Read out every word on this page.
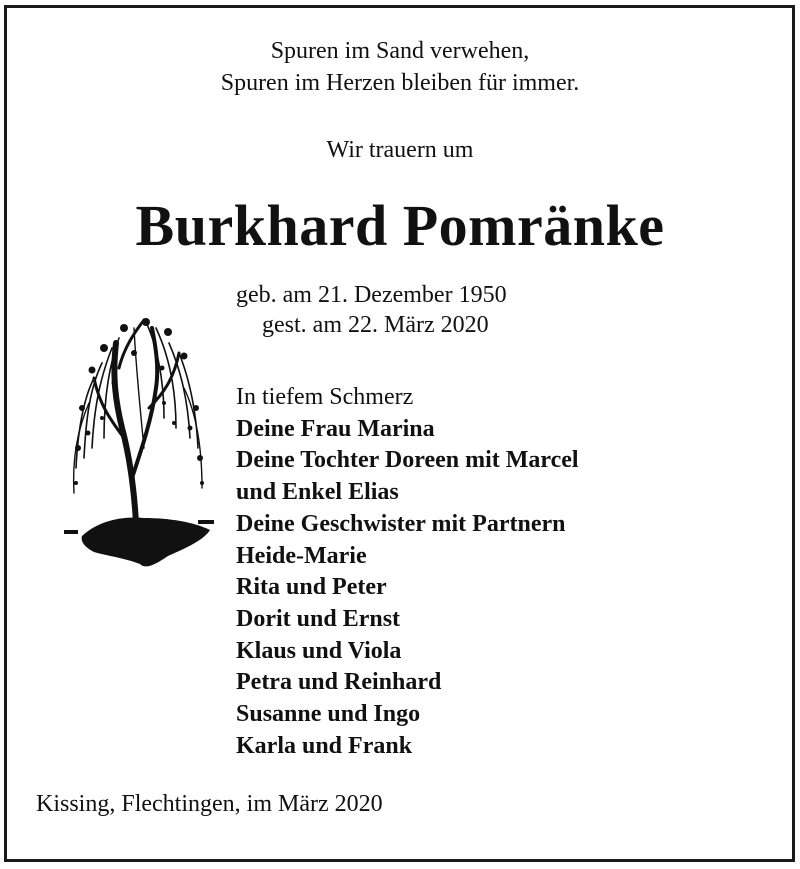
Spuren im Sand verwehen,
Spuren im Herzen bleiben für immer.
Wir trauern um
Burkhard Pomränke
geb. am 21. Dezember 1950
gest. am 22. März 2020
In tiefem Schmerz
Deine Frau Marina
Deine Tochter Doreen mit Marcel
und Enkel Elias
Deine Geschwister mit Partnern
Heide-Marie
Rita und Peter
Dorit und Ernst
Klaus und Viola
Petra und Reinhard
Susanne und Ingo
Karla und Frank
Kissing, Flechtingen, im März 2020
